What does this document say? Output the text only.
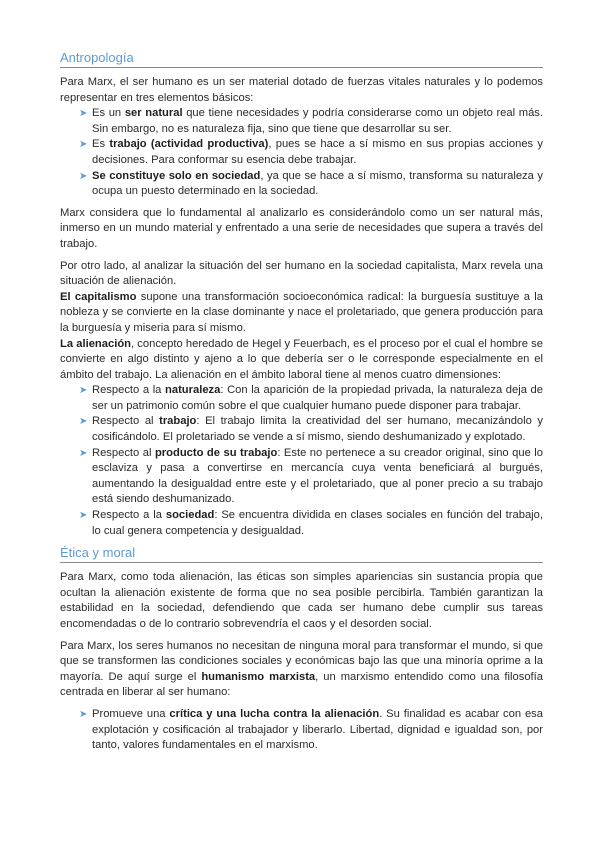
Antropología

Para Marx, el ser humano es un ser material dotado de fuerzas vitales naturales y lo podemos representar en tres elementos básicos:

➤ Es un ser natural que tiene necesidades y podría considerarse como un objeto real más. Sin embargo, no es naturaleza fija, sino que tiene que desarrollar su ser.
➤ Es trabajo (actividad productiva), pues se hace a sí mismo en sus propias acciones y decisiones. Para conformar su esencia debe trabajar.
➤ Se constituye solo en sociedad, ya que se hace a sí mismo, transforma su naturaleza y ocupa un puesto determinado en la sociedad.

Marx considera que lo fundamental al analizarlo es considerándolo como un ser natural más, inmerso en un mundo material y enfrentado a una serie de necesidades que supera a través del trabajo.

Por otro lado, al analizar la situación del ser humano en la sociedad capitalista, Marx revela una situación de alienación.

El capitalismo supone una transformación socioeconómica radical: la burguesía sustituye a la nobleza y se convierte en la clase dominante y nace el proletariado, que genera producción para la burguesía y miseria para sí mismo.

La alienación, concepto heredado de Hegel y Feuerbach, es el proceso por el cual el hombre se convierte en algo distinto y ajeno a lo que debería ser o le corresponde especialmente en el ámbito del trabajo. La alienación en el ámbito laboral tiene al menos cuatro dimensiones:

➤ Respecto a la naturaleza: Con la aparición de la propiedad privada, la naturaleza deja de ser un patrimonio común sobre el que cualquier humano puede disponer para trabajar.
➤ Respecto al trabajo: El trabajo limita la creatividad del ser humano, mecanizándolo y cosificándolo. El proletariado se vende a sí mismo, siendo deshumanizado y explotado.
➤ Respecto al producto de su trabajo: Este no pertenece a su creador original, sino que lo esclaviza y pasa a convertirse en mercancía cuya venta beneficiará al burgués, aumentando la desigualdad entre este y el proletariado, que al poner precio a su trabajo está siendo deshumanizado.
➤ Respecto a la sociedad: Se encuentra dividida en clases sociales en función del trabajo, lo cual genera competencia y desigualdad.
Ética y moral

Para Marx, como toda alienación, las éticas son simples apariencias sin sustancia propia que ocultan la alienación existente de forma que no sea posible percibirla. También garantizan la estabilidad en la sociedad, defendiendo que cada ser humano debe cumplir sus tareas encomendadas o de lo contrario sobrevendría el caos y el desorden social.

Para Marx, los seres humanos no necesitan de ninguna moral para transformar el mundo, si que que se transformen las condiciones sociales y económicas bajo las que una minoría oprime a la mayoría. De aquí surge el humanismo marxista, un marxismo entendido como una filosofía centrada en liberar al ser humano:

➤ Promueve una crítica y una lucha contra la alienación. Su finalidad es acabar con esa explotación y cosificación al trabajador y liberarlo. Libertad, dignidad e igualdad son, por tanto, valores fundamentales en el marxismo.
